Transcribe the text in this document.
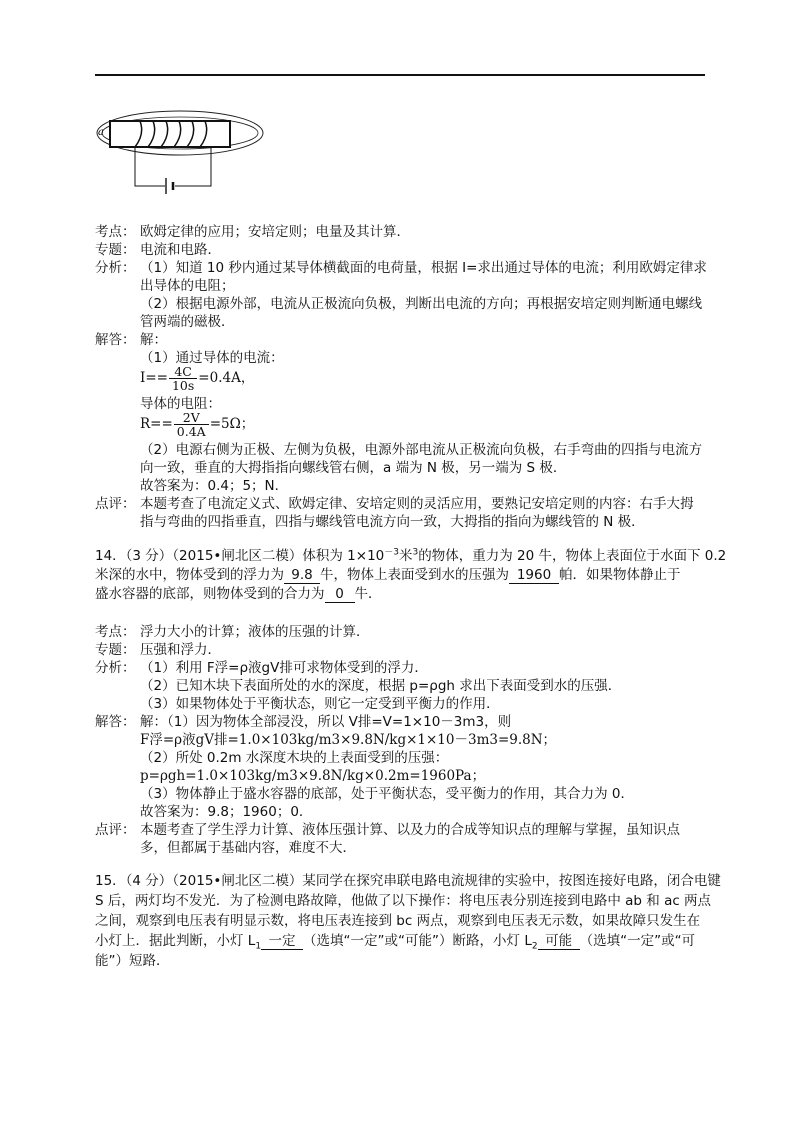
a
考点： 欧姆定律的应用；安培定则；电量及其计算．
专题： 电流和电路．
分析： （1）知道 10 秒内通过某导体横截面的电荷量，根据 I=求出通过导体的电流；利用欧姆定律求
出导体的电阻；
（2）根据电源外部，电流从正极流向负极，判断出电流的方向；再根据安培定则判断通电螺线
管两端的磁极．
解答： 解：
（1）通过导体的电流：
$I== \frac{4C}{10s} =0.4A$，
导体的电阻：
$R== \frac{2V}{0.4A} =5\Omega$；
（2）电源右侧为正极、左侧为负极，电源外部电流从正极流向负极，右手弯曲的四指与电流方
向一致，垂直的大拇指指向螺线管右侧，a 端为 N 极，另一端为 S 极．
故答案为：0.4；5；N．
点评： 本题考查了电流定义式、欧姆定律、安培定则的灵活应用，要熟记安培定则的内容：右手大拇
指与弯曲的四指垂直，四指与螺线管电流方向一致，大拇指的指向为螺线管的 N 极．
14．（3 分）（2015•闸北区二模）体积为 $1\times 10^{-3}$米$^3$的物体，重力为 20 牛，物体上表面位于水面下 0.2
米深的水中，物体受到的浮力为 9.8 牛，物体上表面受到水的压强为 1960 帕．如果物体静止于
盛水容器的底部，则物体受到的合力为 0 牛．
考点： 浮力大小的计算；液体的压强的计算．
专题： 压强和浮力．
分析： （1）利用 F浮=ρ液gV排可求物体受到的浮力．
（2）已知木块下表面所处的水的深度，根据 p=ρgh 求出下表面受到水的压强．
（3）如果物体处于平衡状态，则它一定受到平衡力的作用．
解答： 解：（1）因为物体全部浸没，所以 V排=V=1×10－3m3，则
F浮=ρ液gV排=1.0×103kg/m3×9.8N/kg×1×10－3m3=9.8N；
（2）所处 0.2m 水深度木块的上表面受到的压强：
p=ρgh=1.0×103kg/m3×9.8N/kg×0.2m=1960Pa；
（3）物体静止于盛水容器的底部，处于平衡状态，受平衡力的作用，其合力为 0．
故答案为：9.8；1960；0．
点评： 本题考查了学生浮力计算、液体压强计算、以及力的合成等知识点的理解与掌握，虽知识点
多，但都属于基础内容，难度不大．
15．（4 分）（2015•闸北区二模）某同学在探究串联电路电流规律的实验中，按图连接好电路，闭合电键
S 后，两灯均不发光．为了检测电路故障，他做了以下操作：将电压表分别连接到电路中 ab 和 ac 两点
之间，观察到电压表有明显示数，将电压表连接到 bc 两点，观察到电压表无示数，如果故障只发生在
小灯上．据此判断，小灯 $L_1$ 一定 （选填“一定”或“可能”）断路，小灯 $L_2$ 可能 （选填“一定”或“可
能”）短路．
